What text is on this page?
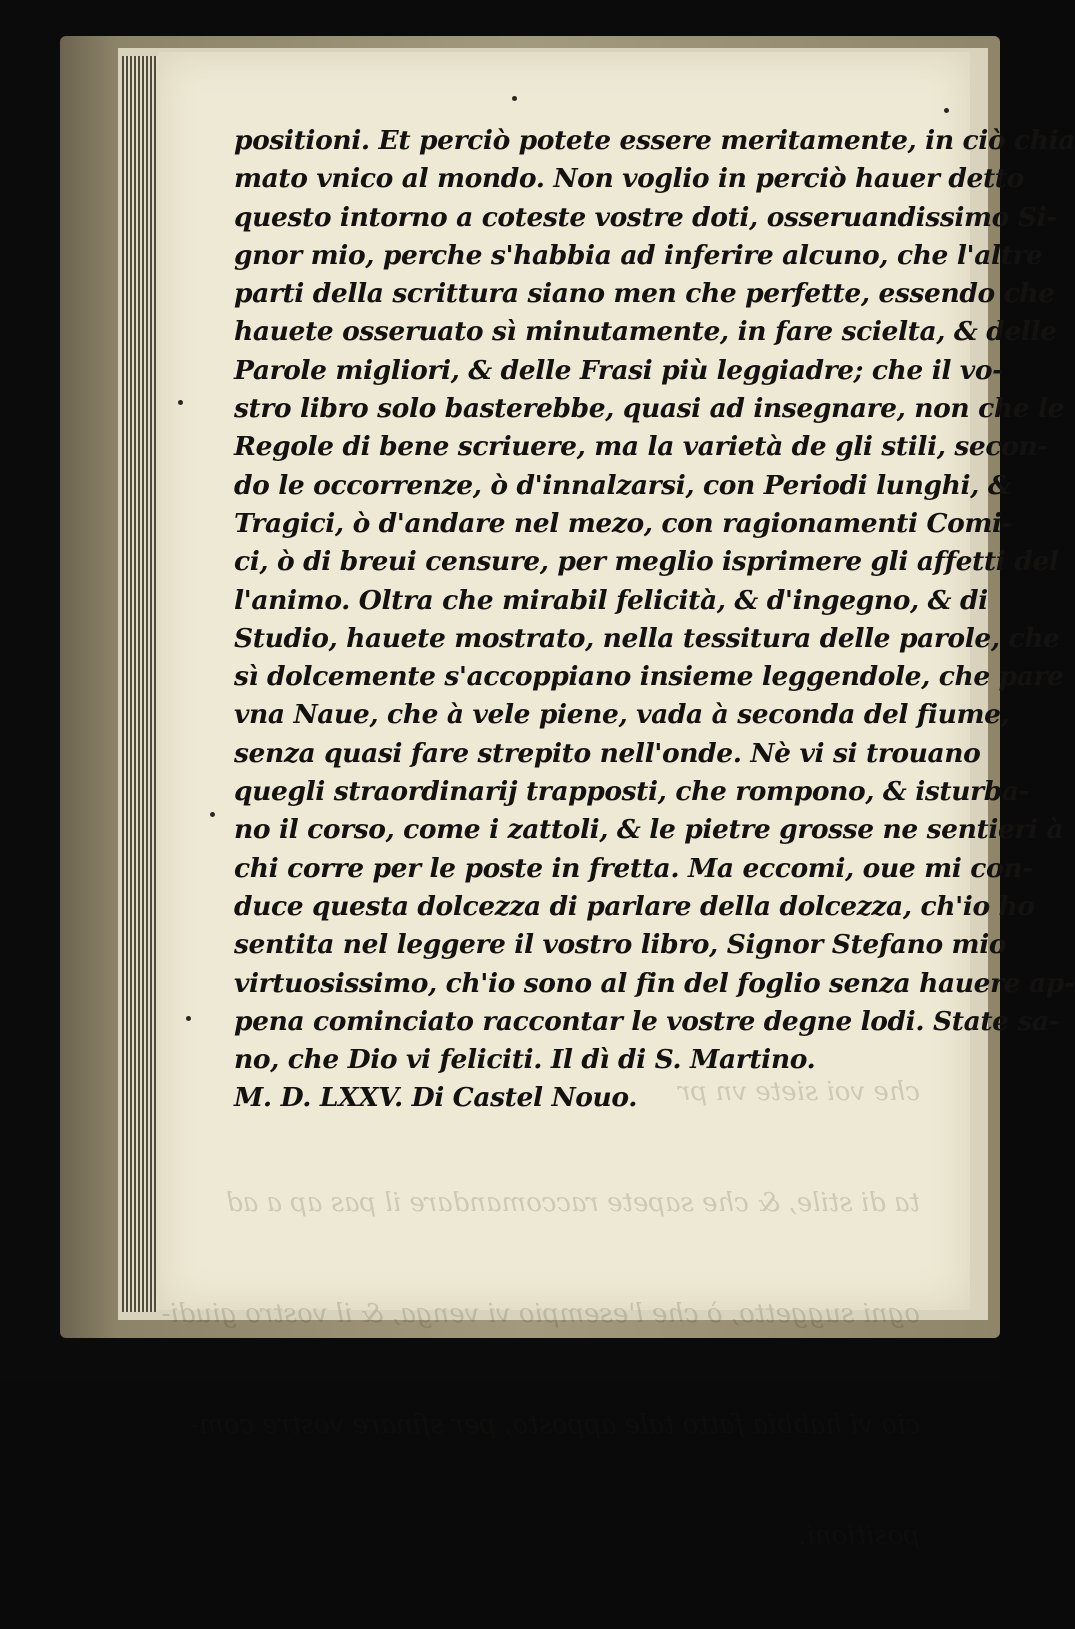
che voi siete vn pr

ta di stile, & che sapete raccomandare il pas ap a ad

ogni suggetto, ò che l'esempio vi venga, & il vostro giudi-

cio vi habbia fatto tale apposto, per sfinare vostre com-

positioni.

positioni. Et perciò potete essere meritamente, in ciò chia
mato vnico al mondo. Non voglio in perciò hauer detto
questo intorno a coteste vostre doti, osseruandissimo Si-
gnor mio, perche s'habbia ad inferire alcuno, che l'altre
parti della scrittura siano men che perfette, essendo che
hauete osseruato sì minutamente, in fare scielta, & delle
Parole migliori, & delle Frasi più leggiadre; che il vo-
stro libro solo basterebbe, quasi ad insegnare, non che le
Regole di bene scriuere, ma la varietà de gli stili, secon-
do le occorrenze, ò d'innalzarsi, con Periodi lunghi, &
Tragici, ò d'andare nel mezo, con ragionamenti Comi-
ci, ò di breui censure, per meglio isprimere gli affetti del
l'animo. Oltra che mirabil felicità, & d'ingegno, & di
Studio, hauete mostrato, nella tessitura delle parole, che
sì dolcemente s'accoppiano insieme leggendole, che pare
vna Naue, che à vele piene, vada à seconda del fiume,
senza quasi fare strepito nell'onde. Nè vi si trouano
quegli straordinarij trapposti, che rompono, & isturba-
no il corso, come i zattoli, & le pietre grosse ne sentieri à
chi corre per le poste in fretta. Ma eccomi, oue mi con-
duce questa dolcezza di parlare della dolcezza, ch'io ho
sentita nel leggere il vostro libro, Signor Stefano mio
virtuosissimo, ch'io sono al fin del foglio senza hauere ap-
pena cominciato raccontar le vostre degne lodi. State sa-
no, che Dio vi feliciti. Il dì di S. Martino.
M. D. LXXV. Di Castel Nouo.
